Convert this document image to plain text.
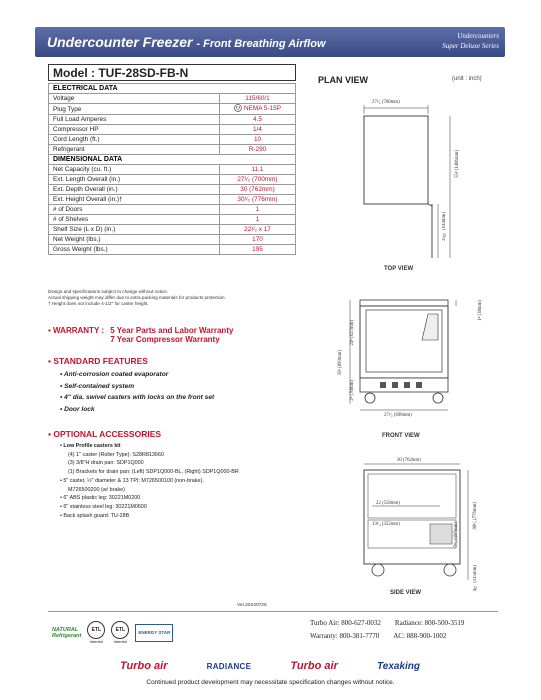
Undercounter Freezer - Front Breathing Airflow
Undercounters
Super Deluxe Series
Model : TUF-28SD-FB-N
ELECTRICAL DATA	
Voltage	115/60/1
Plug Type	NEMA 5-15P

Full Load Amperes	4.5
Compressor HP	1/4
Cord Length (ft.)	10
Refrigerant	R-290
DIMENSIONAL DATA	
Net Capacity (cu. ft.)	11.1
Ext. Length Overall (in.)	27¹⁄₂ (700mm)
Ext. Depth Overall (in.)	30 (762mm)
Ext. Height Overall (in.)†	30¹⁄₂ (776mm)
# of Doors	1
# of Shelves	1
Shelf Size (L x D) (in.)	22¹⁄₂ x 17
Net Weight (lbs.)	170
Gross Weight (lbs.)	195
Design and specifications subject to change without notice.
Actual shipping weight may differ due to extra packing materials for products protection.
† Height does not include 4-1/2" for caster height.
▪ WARRANTY : 5 Year Parts and Labor Warranty
7 Year Compressor Warranty
▪ STANDARD FEATURES
• Anti-corrosion coated evaporator
• Self-contained system
• 4" dia. swivel casters with locks on the front set
• Door lock
▪ OPTIONAL ACCESSORIES
• Low Profile casters kit
(4) 1" caster (Roller Type): S28R813660
(3) 3/8"H drain pan: SDP1Q000
(1) Brackets for drain pan: (Left) SDP1Q000-BL, (Right) SDP1Q000-BR
• 5" caster, ½" diameter & 13 TPI: M726500100 (non-brake),
M726500200 (w/ brake)
• 6" ABS plastic leg: 30221M0200
• 6" stainless steel leg: 30221M0600
• Back splash guard: TU-28B
PLAN VIEW	(unit : inch)
27¹⁄₂ (700mm)
55⁸ (1406mm)
25½ (644mm)
TOP VIEW
1⁸ (38mm)
35⁸ (893mm)
24⁸ (627mm)
2⁴ (70mm)
27¹⁄₂ (698mm)
FRONT VIEW
30 (762mm)
22 (558mm)
13³⁄₄ (352mm)	30¹⁄₂ (776mm)
7³⁄₄ (197mm)
4½ (115mm)
SIDE VIEW
Ver.20240726
NATURAL
Refrigerant
ETL
Intertek
ETL
Intertek
ENERGY STAR
Turbo Air: 800-627-0032 Radiance: 800-500-3519
Warranty: 800-381-7770 AC: 888-900-1002
Turbo air	RADIANCE	Turbo air	Texaking
Continued product development may necessitate specification changes without notice.
